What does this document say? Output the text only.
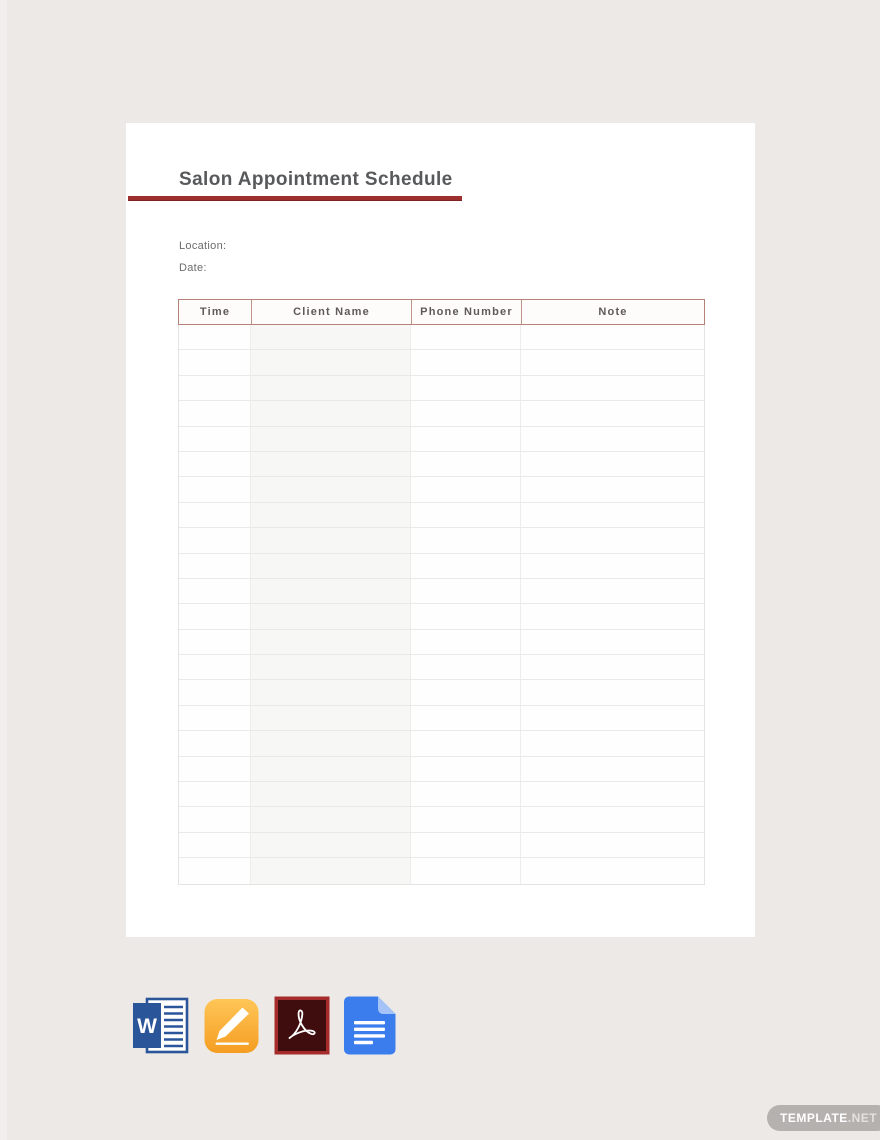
Salon Appointment Schedule
Location:
Date:
Time	Client Name	Phone Number	Note
W
TEMPLATE .NET
